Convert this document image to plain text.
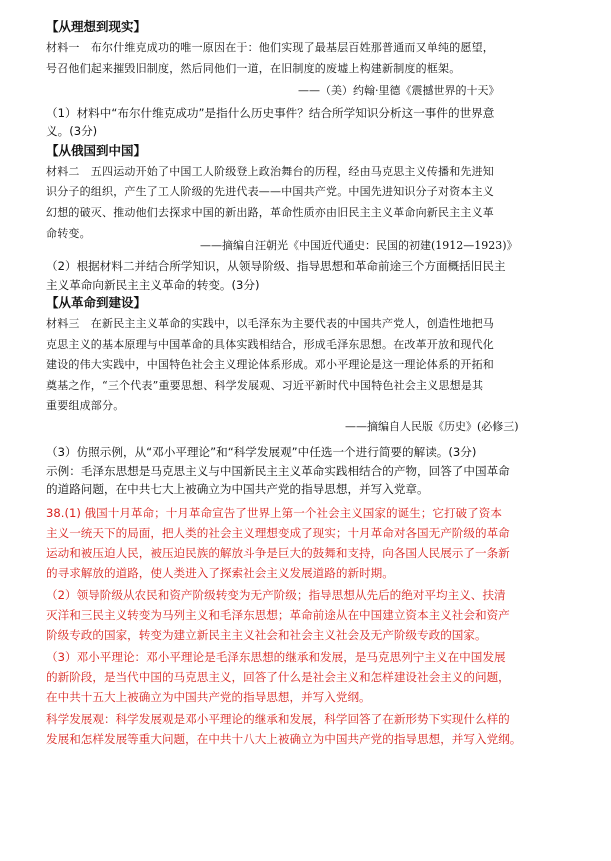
【从理想到现实】
材料一　布尔什维克成功的唯一原因在于：他们实现了最基层百姓那普通而又单纯的愿望，
号召他们起来摧毁旧制度，然后同他们一道，在旧制度的废墟上构建新制度的框架。
——（美）约翰·里德《震撼世界的十天》
（1）材料中“布尔什维克成功”是指什么历史事件？结合所学知识分析这一事件的世界意
义。(3分)
【从俄国到中国】
材料二　五四运动开始了中国工人阶级登上政治舞台的历程，经由马克思主义传播和先进知
识分子的组织，产生了工人阶级的先进代表——中国共产党。中国先进知识分子对资本主义
幻想的破灭、推动他们去探求中国的新出路，革命性质亦由旧民主主义革命向新民主主义革
命转变。
——摘编自汪朝光《中国近代通史：民国的初建(1912—1923)》
（2）根据材料二并结合所学知识，从领导阶级、指导思想和革命前途三个方面概括旧民主
主义革命向新民主主义革命的转变。(3分)
【从革命到建设】
材料三　在新民主主义革命的实践中，以毛泽东为主要代表的中国共产党人，创造性地把马
克思主义的基本原理与中国革命的具体实践相结合，形成毛泽东思想。在改革开放和现代化
建设的伟大实践中，中国特色社会主义理论体系形成。邓小平理论是这一理论体系的开拓和
奠基之作，“三个代表”重要思想、科学发展观、习近平新时代中国特色社会主义思想是其
重要组成部分。
——摘编自人民版《历史》(必修三)
（3）仿照示例，从“邓小平理论”和“科学发展观”中任选一个进行简要的解读。(3分)
示例：毛泽东思想是马克思主义与中国新民主主义革命实践相结合的产物，回答了中国革命
的道路问题，在中共七大上被确立为中国共产党的指导思想，并写入党章。
38.(1) 俄国十月革命；十月革命宣告了世界上第一个社会主义国家的诞生；它打破了资本
主义一统天下的局面，把人类的社会主义理想变成了现实；十月革命对各国无产阶级的革命
运动和被压迫人民，被压迫民族的解放斗争是巨大的鼓舞和支持，向各国人民展示了一条新
的寻求解放的道路，使人类进入了探索社会主义发展道路的新时期。
（2）领导阶级从农民和资产阶级转变为无产阶级；指导思想从先后的绝对平均主义、扶清
灭洋和三民主义转变为马列主义和毛泽东思想；革命前途从在中国建立资本主义社会和资产
阶级专政的国家，转变为建立新民主主义社会和社会主义社会及无产阶级专政的国家。
（3）邓小平理论：邓小平理论是毛泽东思想的继承和发展，是马克思列宁主义在中国发展
的新阶段，是当代中国的马克思主义，回答了什么是社会主义和怎样建设社会主义的问题，
在中共十五大上被确立为中国共产党的指导思想，并写入党纲。
科学发展观：科学发展观是邓小平理论的继承和发展，科学回答了在新形势下实现什么样的
发展和怎样发展等重大问题，在中共十八大上被确立为中国共产党的指导思想，并写入党纲。
